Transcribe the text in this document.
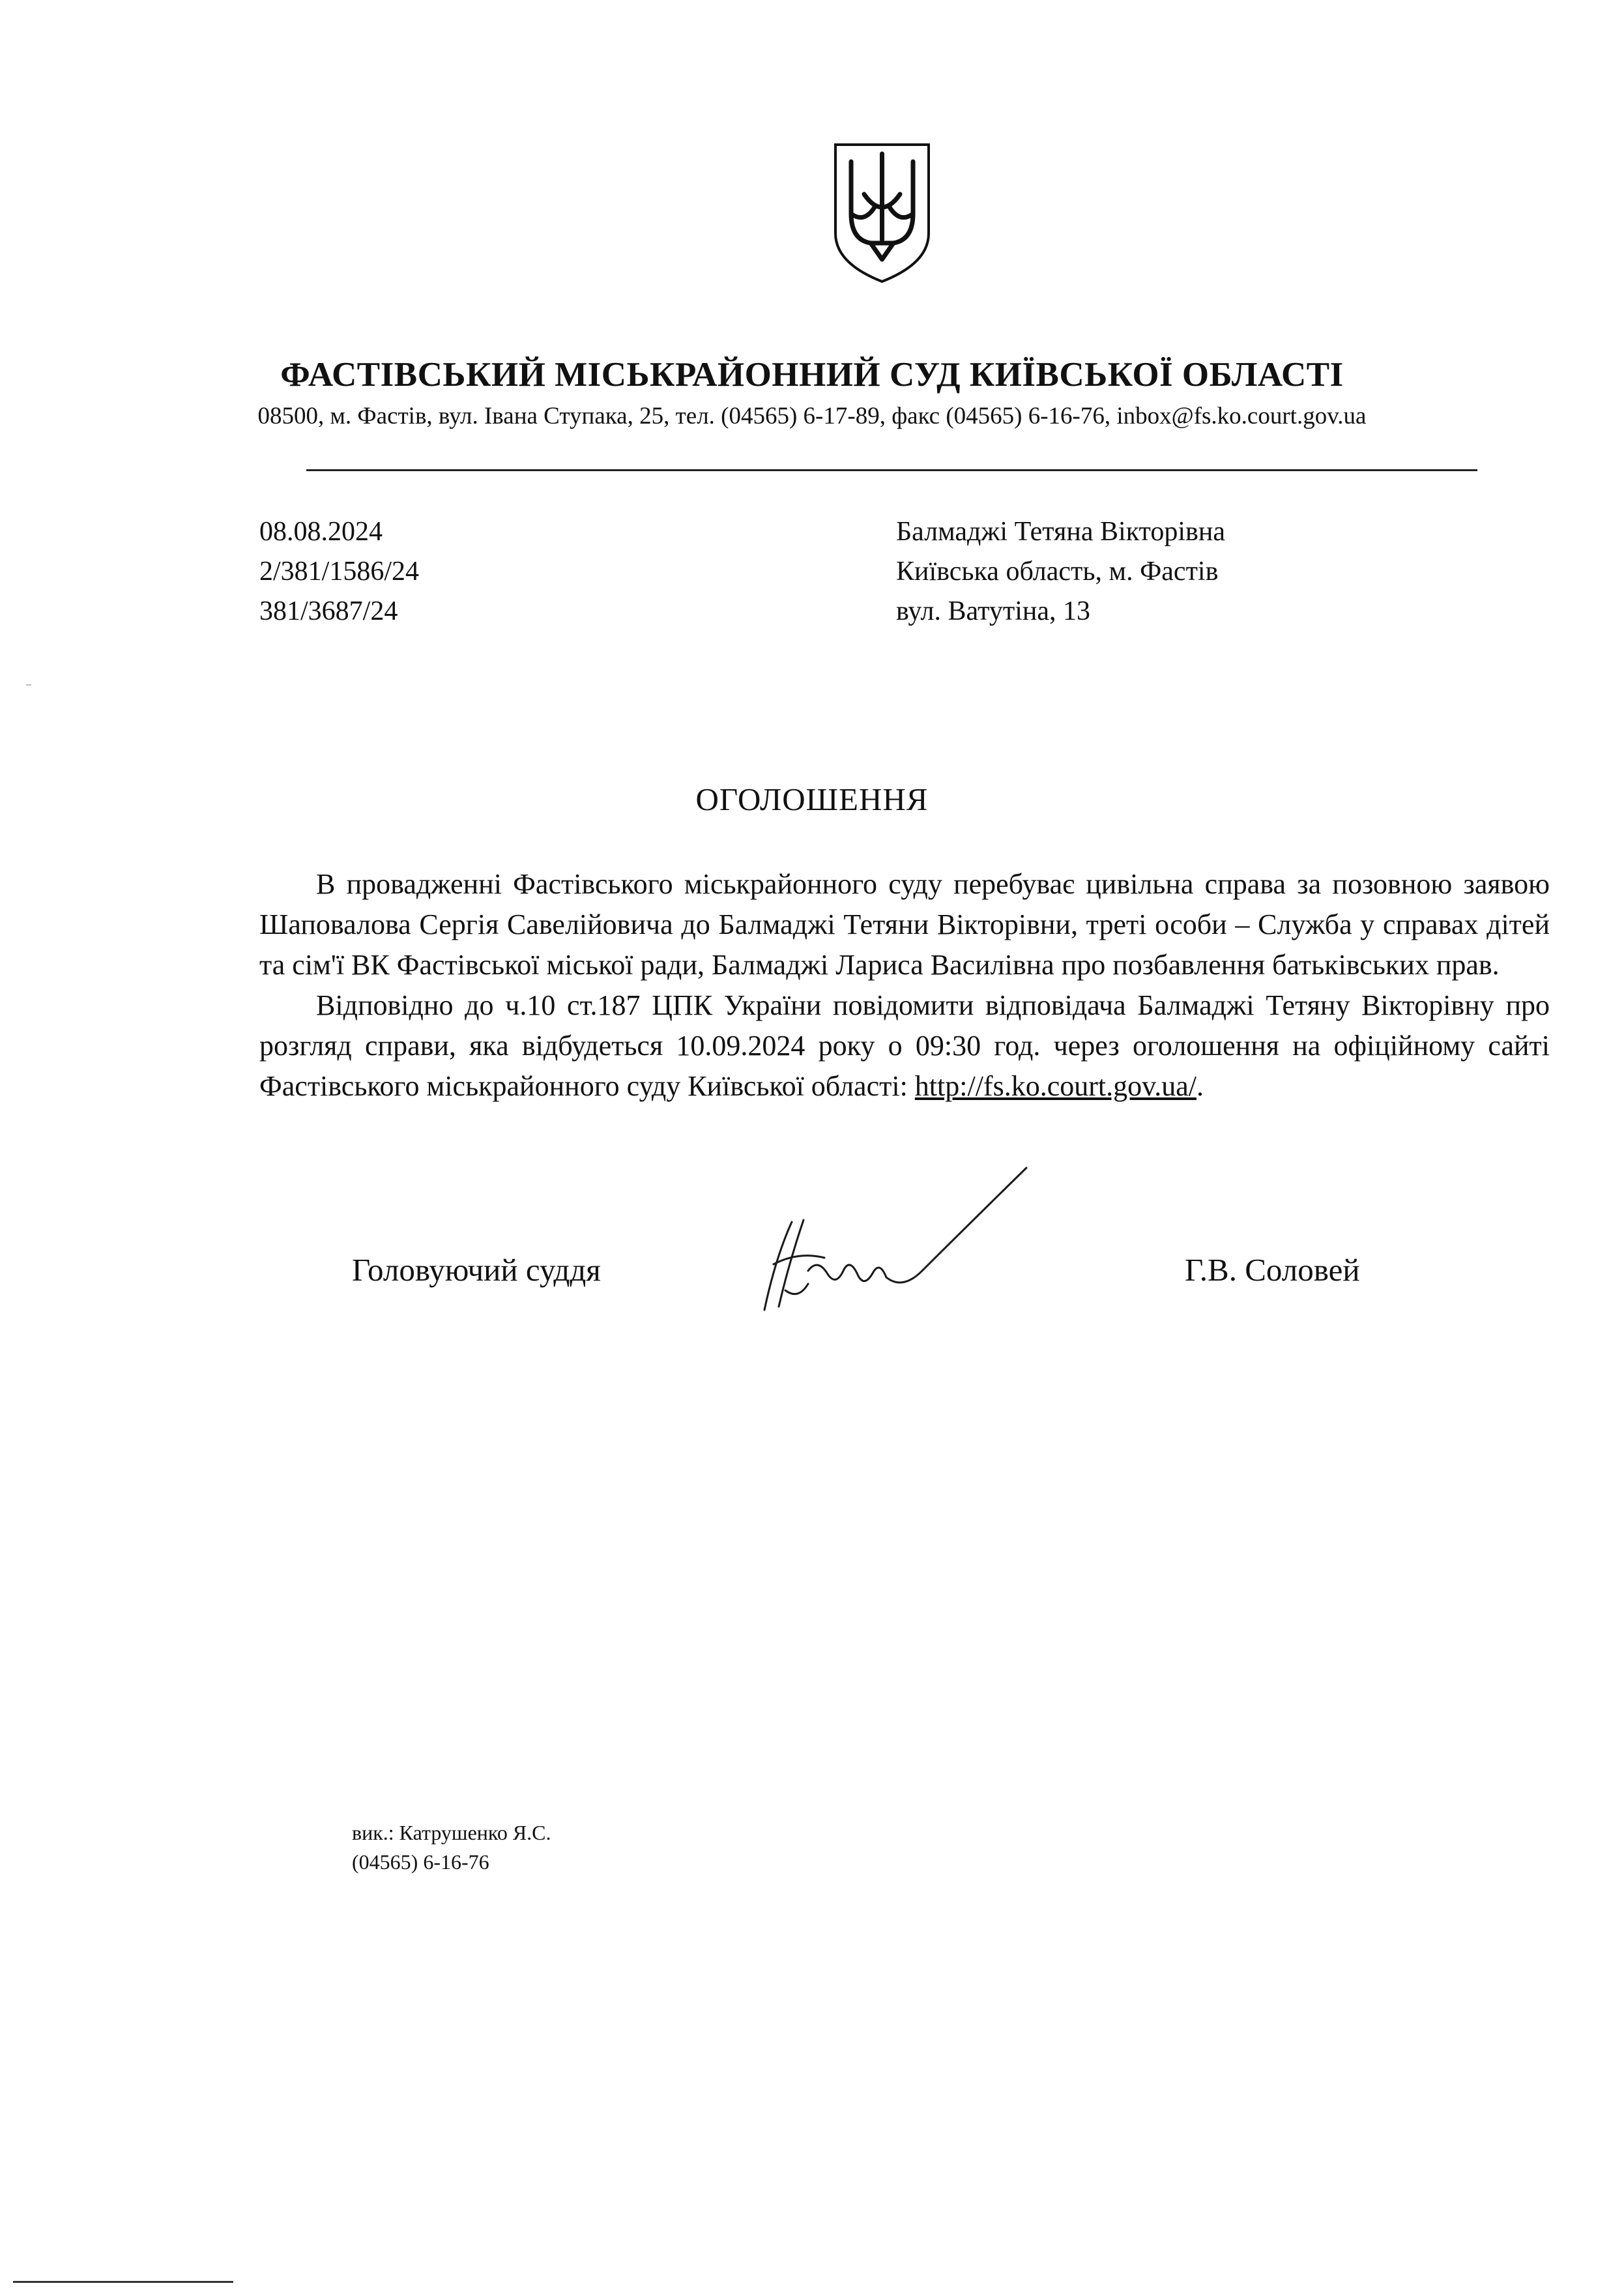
ФАСТІВСЬКИЙ МІСЬКРАЙОННИЙ СУД КИЇВСЬКОЇ ОБЛАСТІ
08500, м. Фастів, вул. Івана Ступака, 25, тел. (04565) 6-17-89, факс (04565) 6-16-76, inbox@fs.ko.court.gov.ua
08.08.2024
2/381/1586/24
381/3687/24
Балмаджі Тетяна Вікторівна
Київська область, м. Фастів
вул. Ватутіна, 13
ОГОЛОШЕННЯ

В провадженні Фастівського міськрайонного суду перебуває цивільна справа за позовною заявою Шаповалова Сергія Савелійовича до Балмаджі Тетяни Вікторівни, треті особи – Служба у справах дітей та сім'ї ВК Фастівської міської ради, Балмаджі Лариса Василівна про позбавлення батьківських прав.

Відповідно до ч.10 ст.187 ЦПК України повідомити відповідача Балмаджі Тетяну Вікторівну про розгляд справи, яка відбудеться 10.09.2024 року о 09:30 год. через оголошення на офіційному сайті Фастівського міськрайонного суду Київської області: http://fs.ko.court.gov.ua/.

Головуючий суддя	Г.В. Соловей
вик.: Катрушенко Я.С.
(04565) 6-16-76
